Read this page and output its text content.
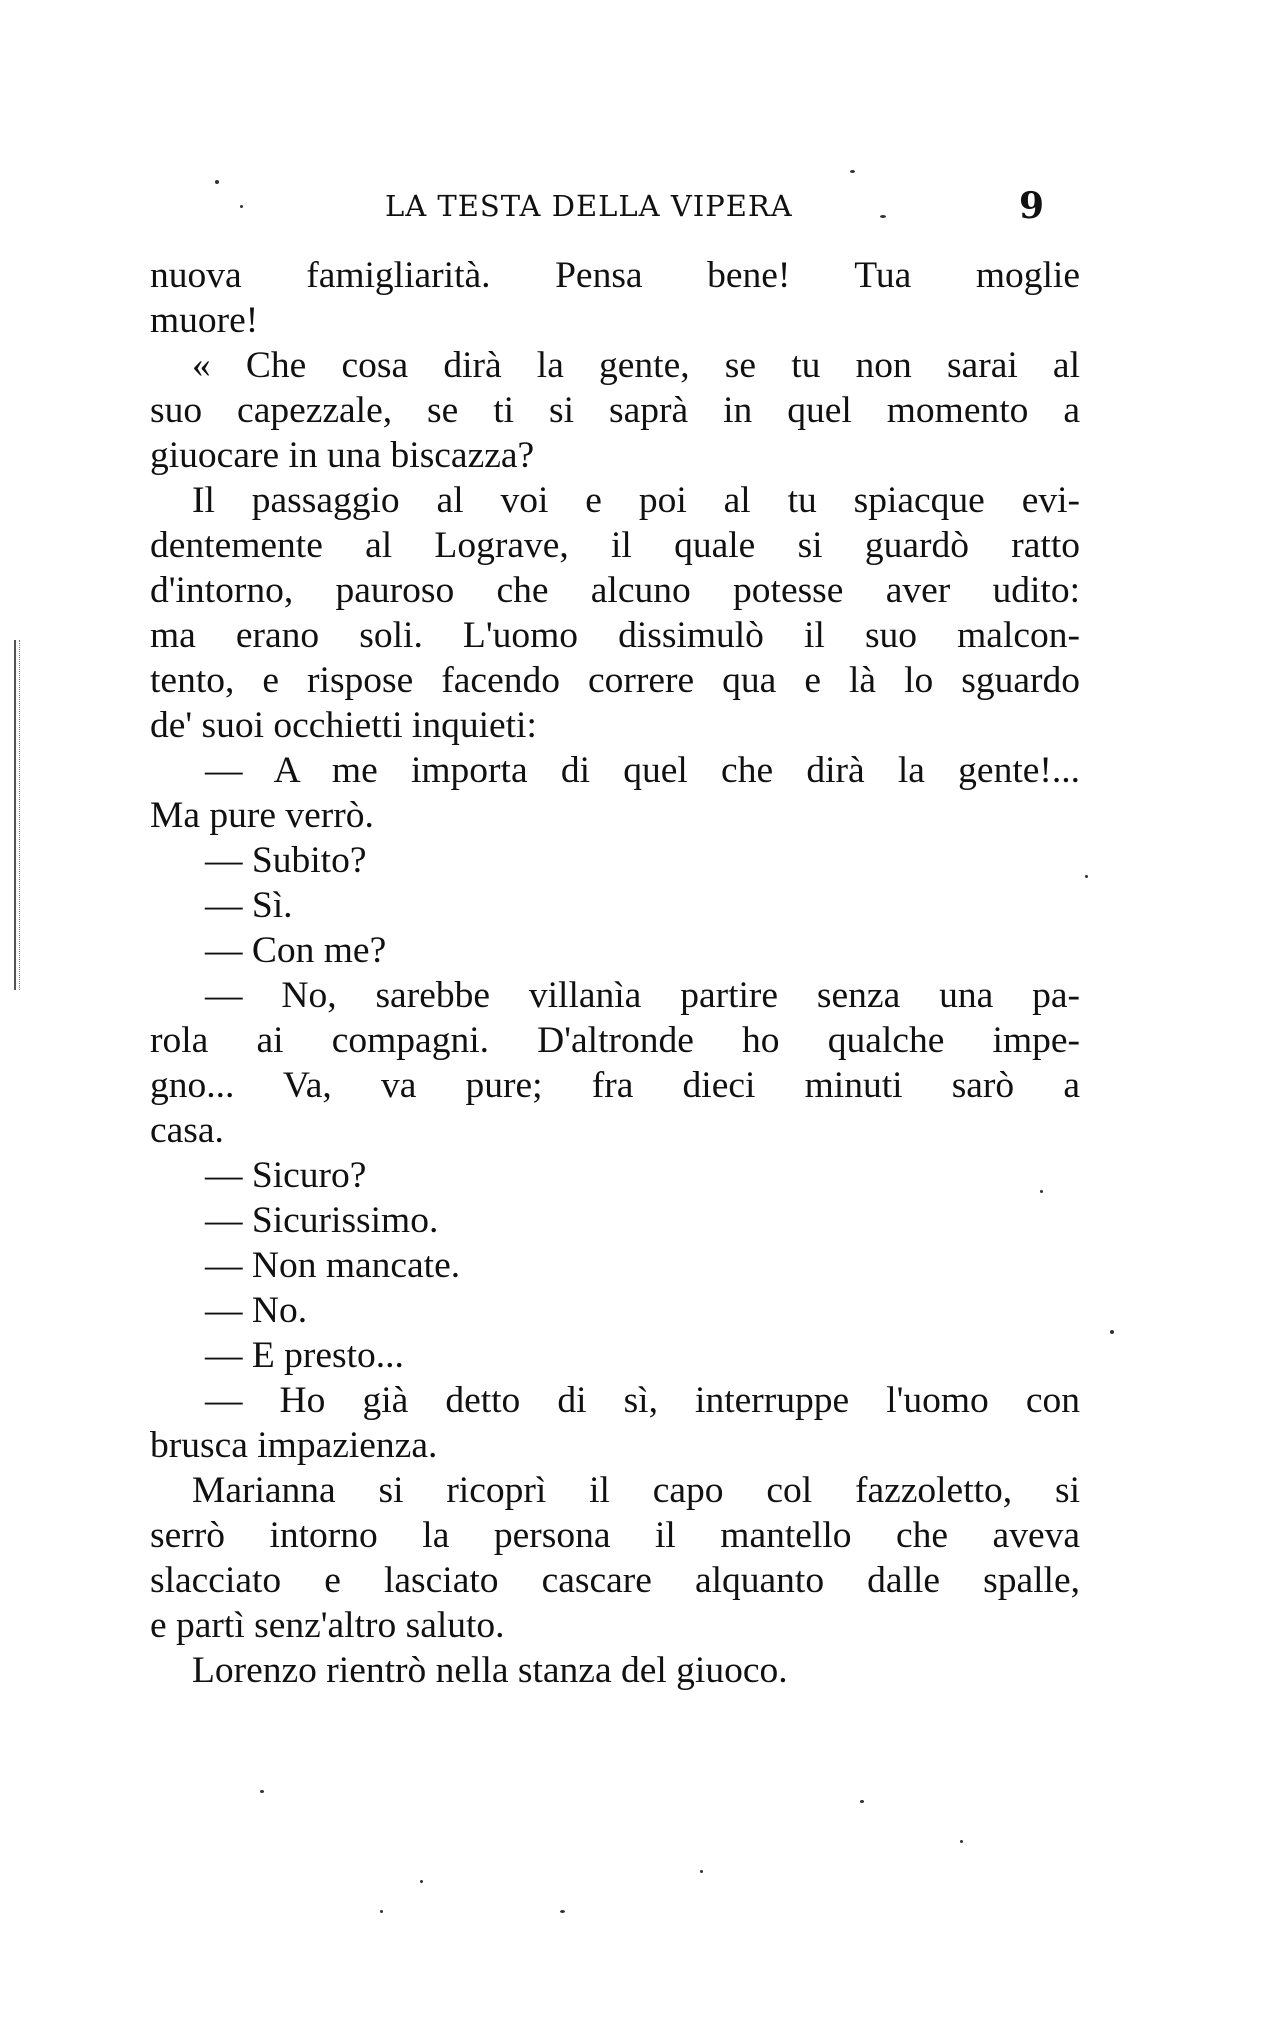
LA TESTA DELLA VIPERA	9
nuova famigliarità. Pensa bene! Tua moglie
muore!
« Che cosa dirà la gente, se tu non sarai al
suo capezzale, se ti si saprà in quel momento a
giuocare in una biscazza?
Il passaggio al voi e poi al tu spiacque evi-
dentemente al Lograve, il quale si guardò ratto
d'intorno, pauroso che alcuno potesse aver udito:
ma erano soli. L'uomo dissimulò il suo malcon-
tento, e rispose facendo correre qua e là lo sguardo
de' suoi occhietti inquieti:
— A me importa di quel che dirà la gente!...
Ma pure verrò.
— Subito?
— Sì.
— Con me?
— No, sarebbe villanìa partire senza una pa-
rola ai compagni. D'altronde ho qualche impe-
gno... Va, va pure; fra dieci minuti sarò a
casa.
— Sicuro?
— Sicurissimo.
— Non mancate.
— No.
— E presto...
— Ho già detto di sì, interruppe l'uomo con
brusca impazienza.
Marianna si ricoprì il capo col fazzoletto, si
serrò intorno la persona il mantello che aveva
slacciato e lasciato cascare alquanto dalle spalle,
e partì senz'altro saluto.
Lorenzo rientrò nella stanza del giuoco.
